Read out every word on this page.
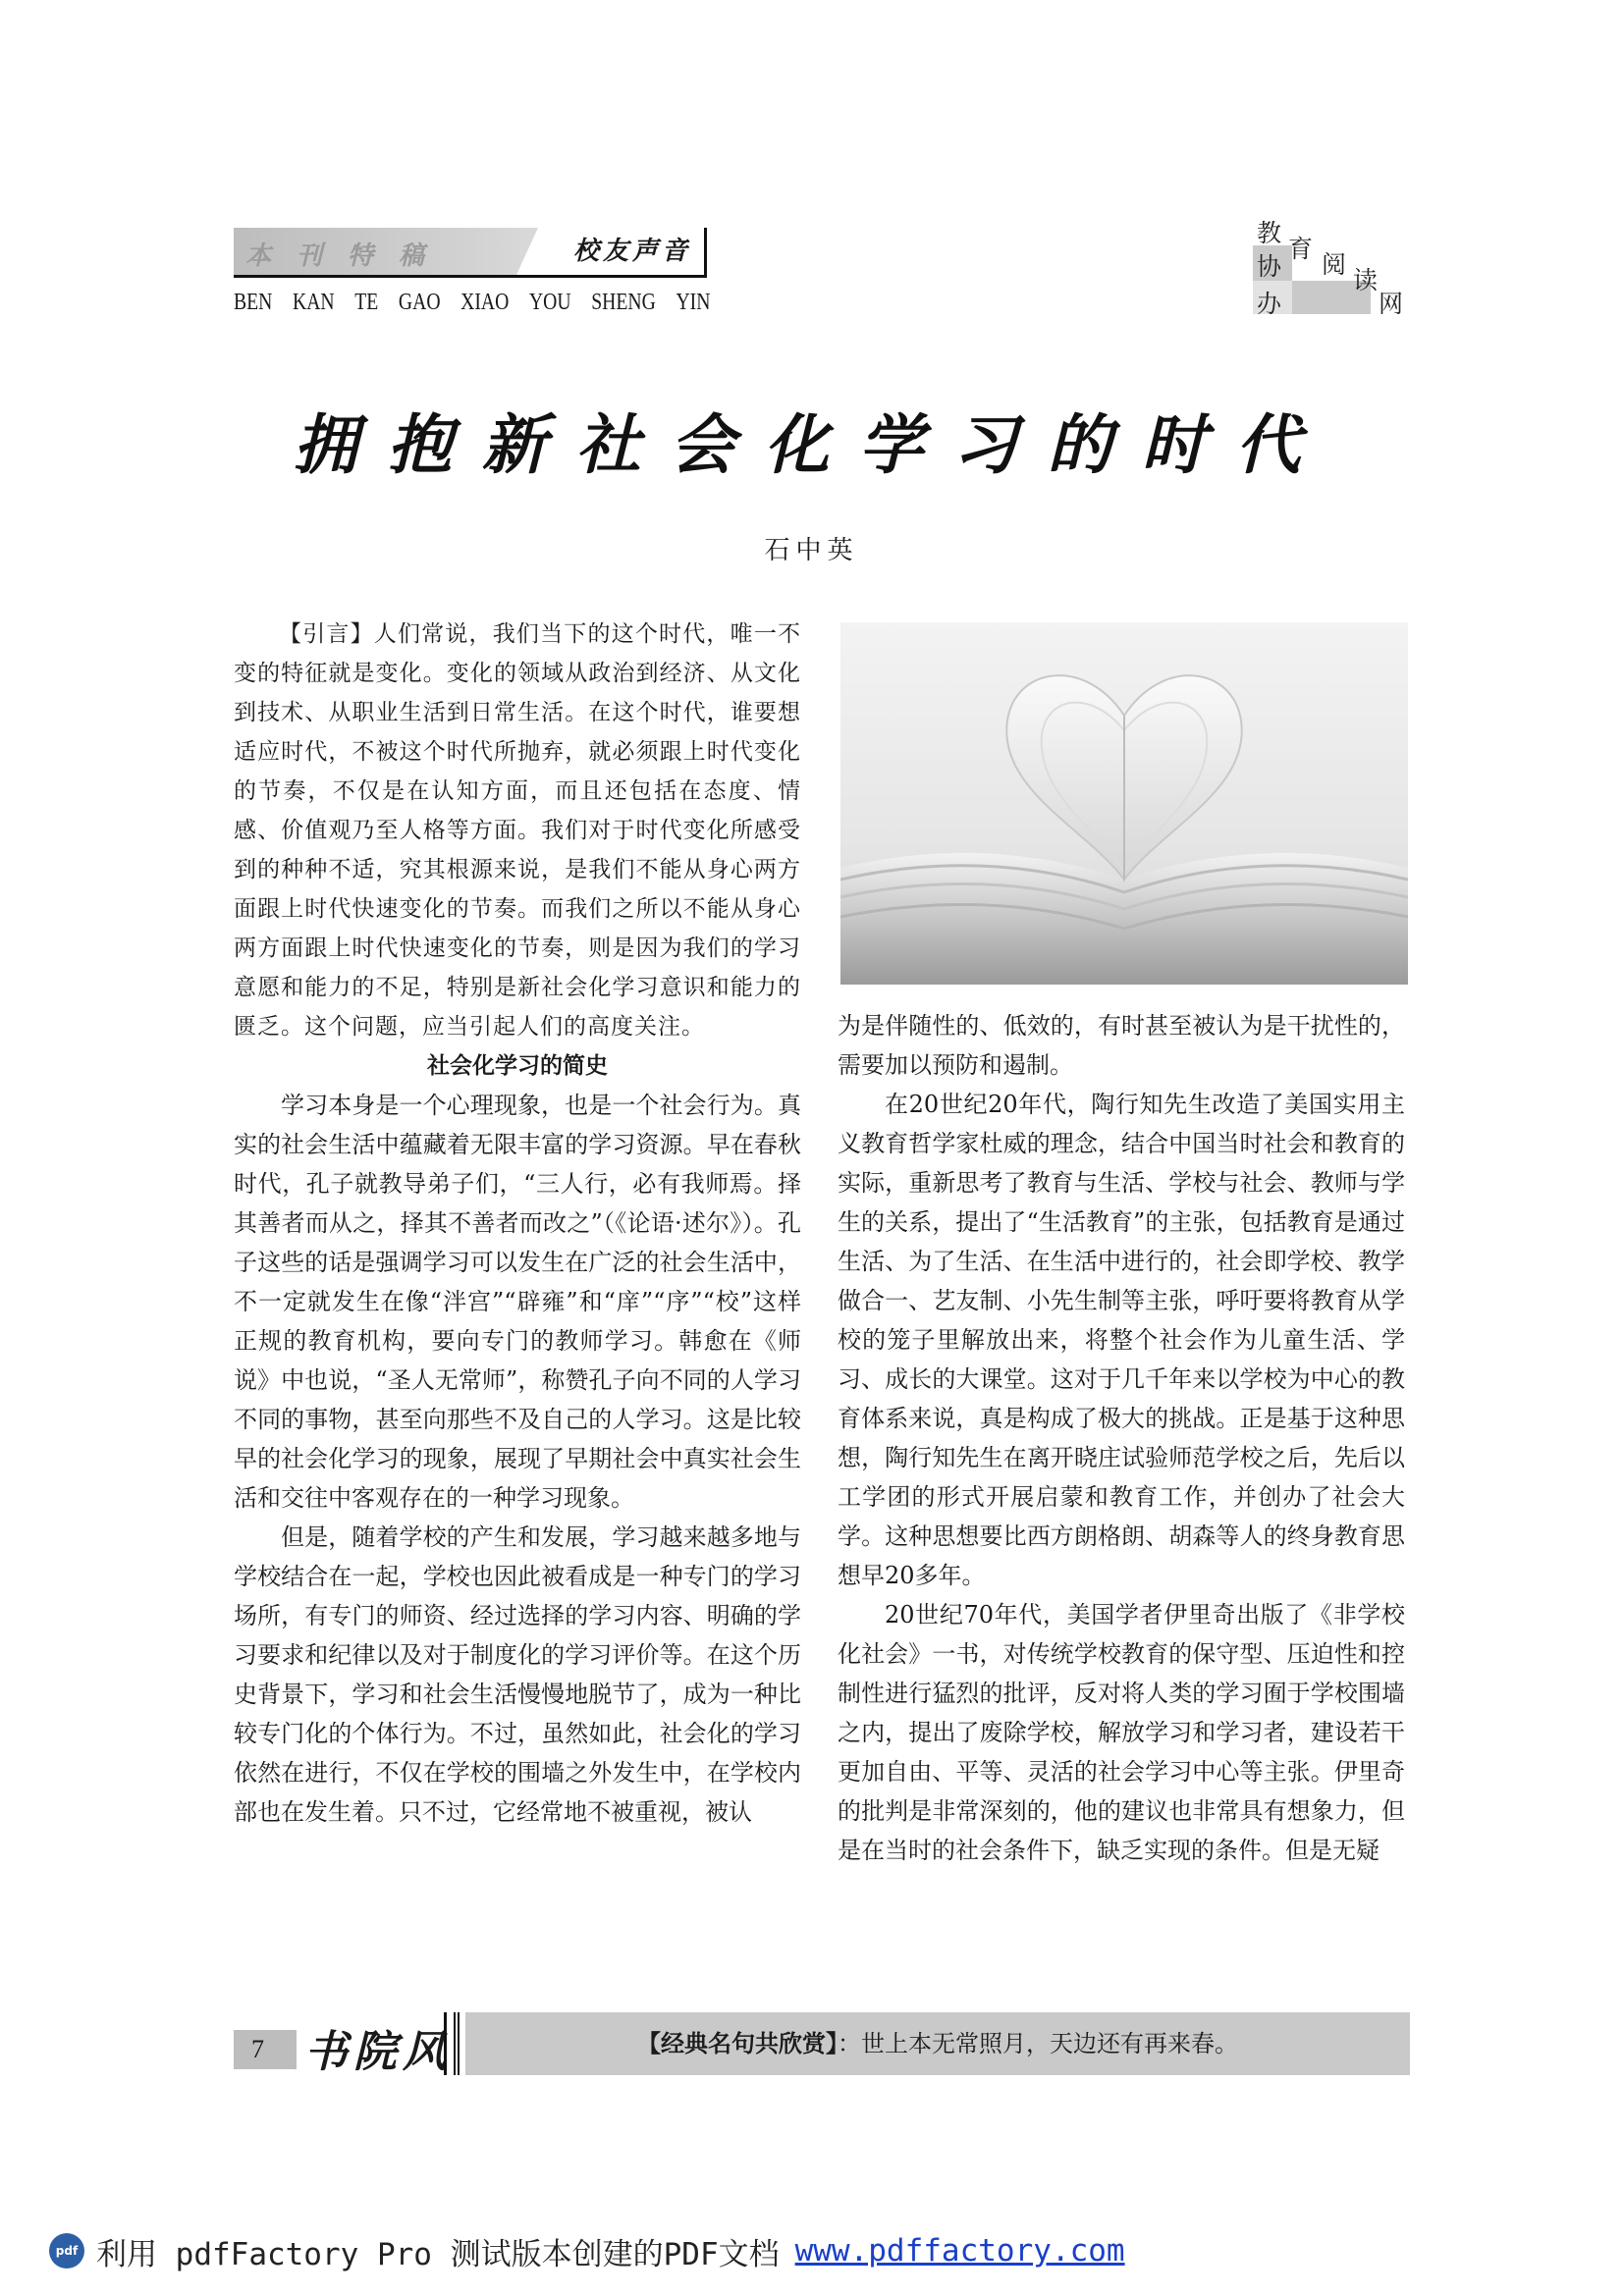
本刊特稿	校友声音
BEN KAN TE GAO XIAO YOU SHENG YIN
教
育
阅
读
协
办	网
拥抱新社会化学习的时代
石中英

【引言】人们常说，我们当下的这个时代，唯一不变的特征就是变化。变化的领域从政治到经济、从文化到技术、从职业生活到日常生活。在这个时代，谁要想适应时代，不被这个时代所抛弃，就必须跟上时代变化的节奏，不仅是在认知方面，而且还包括在态度、情感、价值观乃至人格等方面。我们对于时代变化所感受到的种种不适，究其根源来说，是我们不能从身心两方面跟上时代快速变化的节奏。而我们之所以不能从身心两方面跟上时代快速变化的节奏，则是因为我们的学习意愿和能力的不足，特别是新社会化学习意识和能力的匮乏。这个问题，应当引起人们的高度关注。

社会化学习的简史

学习本身是一个心理现象，也是一个社会行为。真实的社会生活中蕴藏着无限丰富的学习资源。早在春秋时代，孔子就教导弟子们，“三人行，必有我师焉。择其善者而从之，择其不善者而改之”（《论语·述尔》）。孔子这些的话是强调学习可以发生在广泛的社会生活中，不一定就发生在像“泮宫”“辟雍”和“庠”“序”“校”这样正规的教育机构，要向专门的教师学习。韩愈在《师说》中也说，“圣人无常师”，称赞孔子向不同的人学习不同的事物，甚至向那些不及自己的人学习。这是比较早的社会化学习的现象，展现了早期社会中真实社会生活和交往中客观存在的一种学习现象。

但是，随着学校的产生和发展，学习越来越多地与学校结合在一起，学校也因此被看成是一种专门的学习场所，有专门的师资、经过选择的学习内容、明确的学习要求和纪律以及对于制度化的学习评价等。在这个历史背景下，学习和社会生活慢慢地脱节了，成为一种比较专门化的个体行为。不过，虽然如此，社会化的学习依然在进行，不仅在学校的围墙之外发生中，在学校内部也在发生着。只不过，它经常地不被重视，被认

为是伴随性的、低效的，有时甚至被认为是干扰性的，需要加以预防和遏制。

在20世纪20年代，陶行知先生改造了美国实用主义教育哲学家杜威的理念，结合中国当时社会和教育的实际，重新思考了教育与生活、学校与社会、教师与学生的关系，提出了“生活教育”的主张，包括教育是通过生活、为了生活、在生活中进行的，社会即学校、教学做合一、艺友制、小先生制等主张，呼吁要将教育从学校的笼子里解放出来，将整个社会作为儿童生活、学习、成长的大课堂。这对于几千年来以学校为中心的教育体系来说，真是构成了极大的挑战。正是基于这种思想，陶行知先生在离开晓庄试验师范学校之后，先后以工学团的形式开展启蒙和教育工作，并创办了社会大学。这种思想要比西方朗格朗、胡森等人的终身教育思想早20多年。

20世纪70年代，美国学者伊里奇出版了《非学校化社会》一书，对传统学校教育的保守型、压迫性和控制性进行猛烈的批评，反对将人类的学习囿于学校围墙之内，提出了废除学校，解放学习和学习者，建设若干更加自由、平等、灵活的社会学习中心等主张。伊里奇的批判是非常深刻的，他的建议也非常具有想象力，但是在当时的社会条件下，缺乏实现的条件。但是无疑

7 书院风	【经典名句共欣赏】：世上本无常照月，天边还有再来春。
pdf 利用 pdfFactory Pro 测试版本创建的PDF文档 www.pdffactory.com
